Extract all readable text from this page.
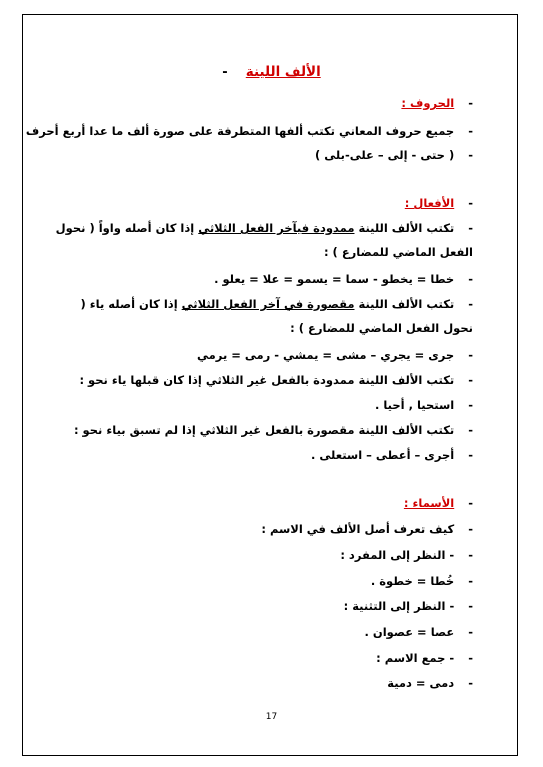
الألف اللينة    -
-الحروف :
-جميع حروف المعاني تكتب ألفها المتطرفة على صورة ألف ما عدا أربع أحرف
-( حتى - إلى – على-بلى )
-الأفعال :
-تكتب الألف اللينة ممدودة فيآخر الفعل الثلاثي إذا كان أصله واواً ( نحول الفعل الماضي للمضارع ) :
-خطا = يخطو - سما = يسمو = علا = يعلو .
-تكتب الألف اللينة مقصورة في آخر الفعل الثلاثي إذا كان أصله ياء ( نحول الفعل الماضي للمضارع ) :
-جرى = يجري – مشى = يمشي - رمى = يرمي
-تكتب الألف اللينة ممدودة بالفعل غير الثلاثي إذا كان قبلها ياء نحو :
-استحيا , أحيا .
-تكتب الألف اللينة مقصورة بالفعل غير الثلاثي إذا لم تسبق بياء نحو :
-أجرى – أعطى – استعلى .
-الأسماء :
-كيف تعرف أصل الألف في الاسم :
-- النظر إلى المفرد :
-خُطا = خطوة .
-- النظر إلى التثنية :
-عصا = عصوان .
-- جمع الاسم :
-دمى = دمية
17
